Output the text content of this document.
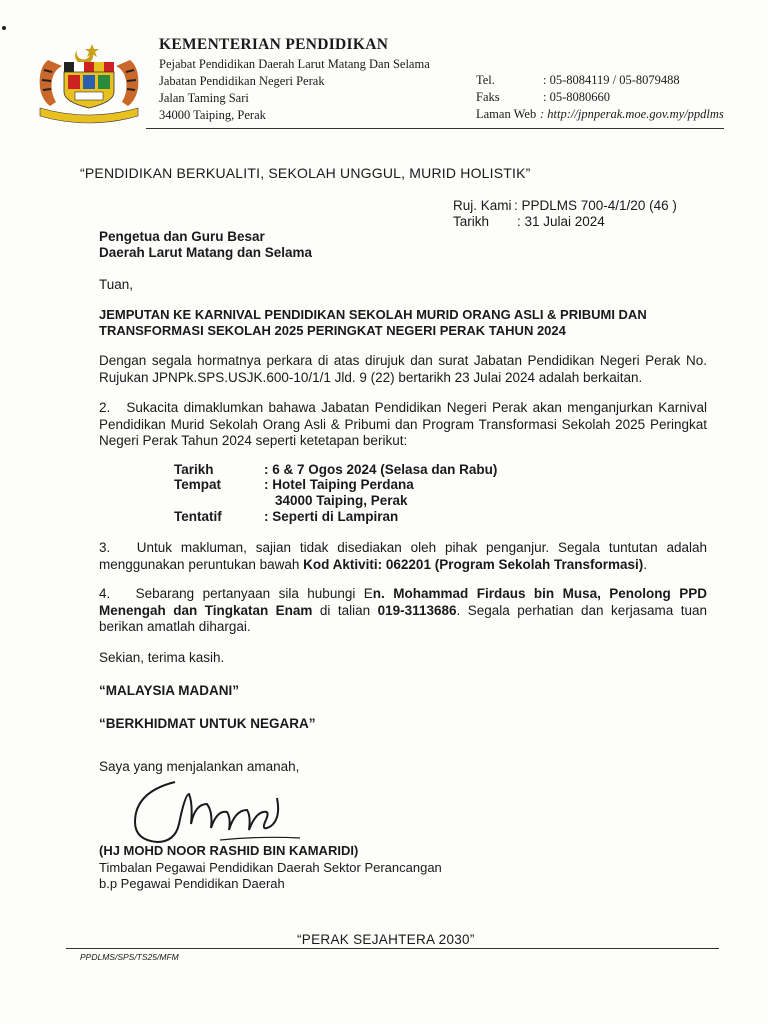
KEMENTERIAN PENDIDIKAN
Pejabat Pendidikan Daerah Larut Matang Dan Selama
Jabatan Pendidikan Negeri Perak
Jalan Taming Sari
34000 Taiping, Perak
Tel.	: 05-8084119 / 05-8079488
Faks	: 05-8080660
Laman Web : http://jpnperak.moe.gov.my/ppdlms
“PENDIDIKAN BERKUALITI, SEKOLAH UNGGUL, MURID HOLISTIK”
Ruj. Kami : PPDLMS 700-4/1/20 (46 )
Tarikh : 31 Julai 2024
Pengetua dan Guru Besar
Daerah Larut Matang dan Selama
Tuan,
JEMPUTAN KE KARNIVAL PENDIDIKAN SEKOLAH MURID ORANG ASLI & PRIBUMI DAN
TRANSFORMASI SEKOLAH 2025 PERINGKAT NEGERI PERAK TAHUN 2024
Dengan segala hormatnya perkara di atas dirujuk dan surat Jabatan Pendidikan Negeri Perak No. Rujukan JPNPk.SPS.USJK.600-10/1/1 Jld. 9 (22) bertarikh 23 Julai 2024 adalah berkaitan.
2.   Sukacita dimaklumkan bahawa Jabatan Pendidikan Negeri Perak akan menganjurkan Karnival Pendidikan Murid Sekolah Orang Asli & Pribumi dan Program Transformasi Sekolah 2025 Peringkat Negeri Perak Tahun 2024 seperti ketetapan berikut:
Tarikh	: 6 & 7 Ogos 2024 (Selasa dan Rabu)
Tempat	: Hotel Taiping Perdana
34000 Taiping, Perak
Tentatif	: Seperti di Lampiran
3.   Untuk makluman, sajian tidak disediakan oleh pihak penganjur. Segala tuntutan adalah menggunakan peruntukan bawah Kod Aktiviti: 062201 (Program Sekolah Transformasi).
4.   Sebarang pertanyaan sila hubungi En. Mohammad Firdaus bin Musa, Penolong PPD Menengah dan Tingkatan Enam di talian 019-3113686. Segala perhatian dan kerjasama tuan berikan amatlah dihargai.
Sekian, terima kasih.
“MALAYSIA MADANI”
“BERKHIDMAT UNTUK NEGARA”
Saya yang menjalankan amanah,
(HJ MOHD NOOR RASHID BIN KAMARIDI)
Timbalan Pegawai Pendidikan Daerah Sektor Perancangan
b.p Pegawai Pendidikan Daerah
“PERAK SEJAHTERA 2030”
PPDLMS/SPS/TS25/MFM
